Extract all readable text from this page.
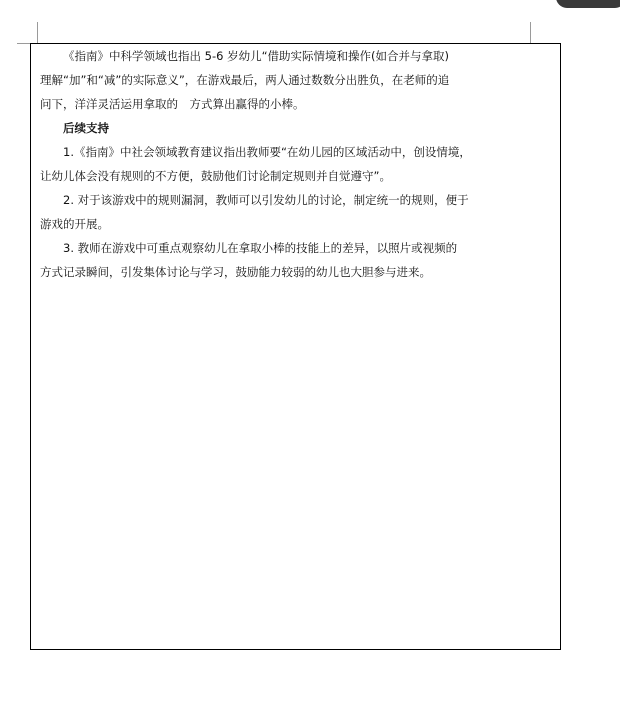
《指南》中科学领域也指出 5-6 岁幼儿“借助实际情境和操作(如合并与拿取)
理解“加”和“减”的实际意义”，在游戏最后，两人通过数数分出胜负，在老师的追
问下，洋洋灵活运用拿取的　方式算出赢得的小棒。
后续支持
1.《指南》中社会领域教育建议指出教师要“在幼儿园的区域活动中，创设情境，
让幼儿体会没有规则的不方便，鼓励他们讨论制定规则并自觉遵守”。
2. 对于该游戏中的规则漏洞，教师可以引发幼儿的讨论，制定统一的规则，便于
游戏的开展。
3. 教师在游戏中可重点观察幼儿在拿取小棒的技能上的差异，以照片或视频的
方式记录瞬间，引发集体讨论与学习，鼓励能力较弱的幼儿也大胆参与进来。
